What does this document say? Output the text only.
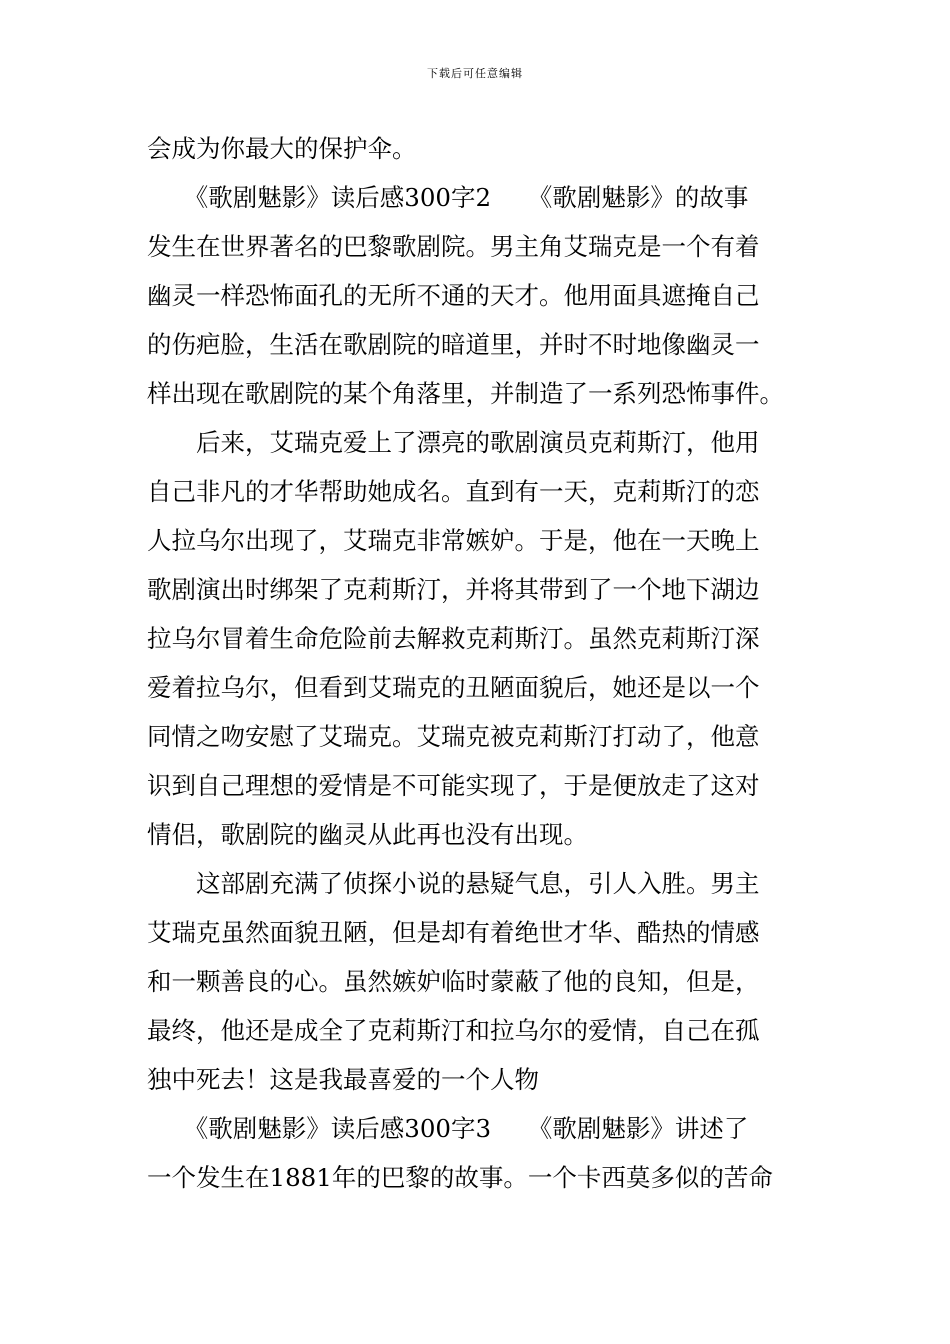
下载后可任意编辑
会成为你最大的保护伞。
　　《歌剧魅影》读后感300字2　　《歌剧魅影》的故事
发生在世界著名的巴黎歌剧院。男主角艾瑞克是一个有着
幽灵一样恐怖面孔的无所不通的天才。他用面具遮掩自己
的伤疤脸，生活在歌剧院的暗道里，并时不时地像幽灵一
样出现在歌剧院的某个角落里，并制造了一系列恐怖事件。
　　后来，艾瑞克爱上了漂亮的歌剧演员克莉斯汀，他用
自己非凡的才华帮助她成名。直到有一天，克莉斯汀的恋
人拉乌尔出现了，艾瑞克非常嫉妒。于是，他在一天晚上
歌剧演出时绑架了克莉斯汀，并将其带到了一个地下湖边
拉乌尔冒着生命危险前去解救克莉斯汀。虽然克莉斯汀深
爱着拉乌尔，但看到艾瑞克的丑陋面貌后，她还是以一个
同情之吻安慰了艾瑞克。艾瑞克被克莉斯汀打动了，他意
识到自己理想的爱情是不可能实现了，于是便放走了这对
情侣，歌剧院的幽灵从此再也没有出现。
　　这部剧充满了侦探小说的悬疑气息，引人入胜。男主
艾瑞克虽然面貌丑陋，但是却有着绝世才华、酷热的情感
和一颗善良的心。虽然嫉妒临时蒙蔽了他的良知，但是，
最终，他还是成全了克莉斯汀和拉乌尔的爱情，自己在孤
独中死去！这是我最喜爱的一个人物
　　《歌剧魅影》读后感300字3　　《歌剧魅影》讲述了
一个发生在1881年的巴黎的故事。一个卡西莫多似的苦命
